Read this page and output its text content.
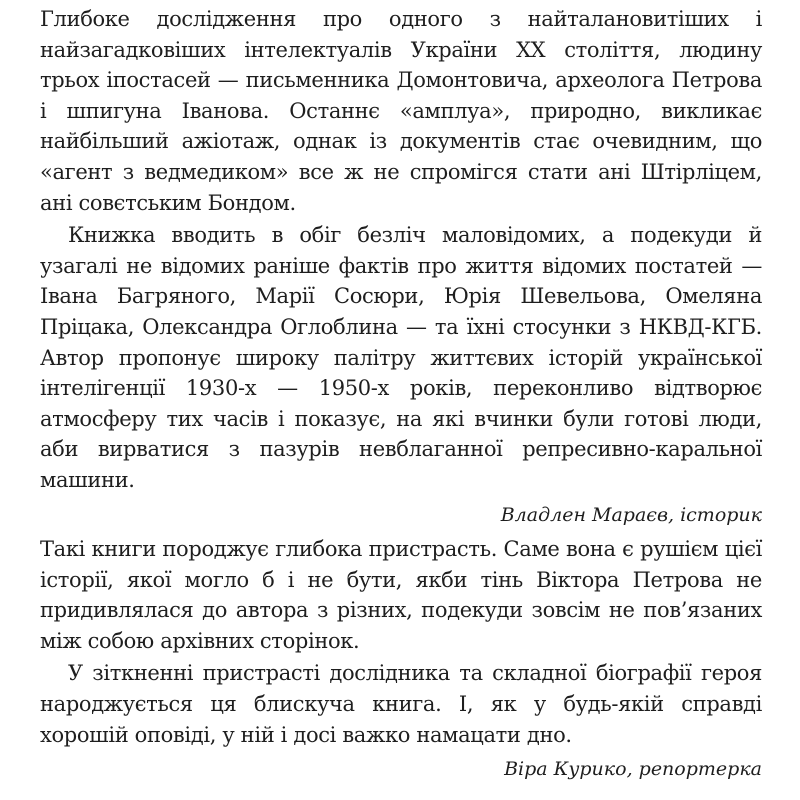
Глибоке дослідження про одного з найталановитіших і найзагадковіших інтелектуалів України ХХ століття, людину трьох іпостасей — письменника Домонтовича, археолога Петрова і шпигуна Іванова. Останнє «амплуа», природно, викликає найбільший ажіотаж, однак із документів стає очевидним, що «агент з ведмедиком» все ж не спромігся стати ані Штірліцем, ані совєтським Бондом.

Книжка вводить в обіг безліч маловідомих, а подекуди й узагалі не відомих раніше фактів про життя відомих постатей — Івана Багряного, Марії Сосюри, Юрія Шевельова, Омеляна Пріцака, Олександра Оглоблина — та їхні стосунки з НКВД-КГБ. Автор пропонує широку палітру життєвих історій української інтелігенції 1930-х — 1950-х років, переконливо відтворює атмосферу тих часів і показує, на які вчинки були готові люди, аби вирватися з пазурів невблаганної репресивно-каральної машини.

Владлен Мараєв, історик

Такі книги породжує глибока пристрасть. Саме вона є рушієм цієї історії, якої могло б і не бути, якби тінь Віктора Петрова не придивлялася до автора з різних, подекуди зовсім не пов’язаних між собою архівних сторінок.

У зіткненні пристрасті дослідника та складної біографії героя народжується ця блискуча книга. І, як у будь-якій справді хорошій оповіді, у ній і досі важко намацати дно.

Віра Курико, репортерка
